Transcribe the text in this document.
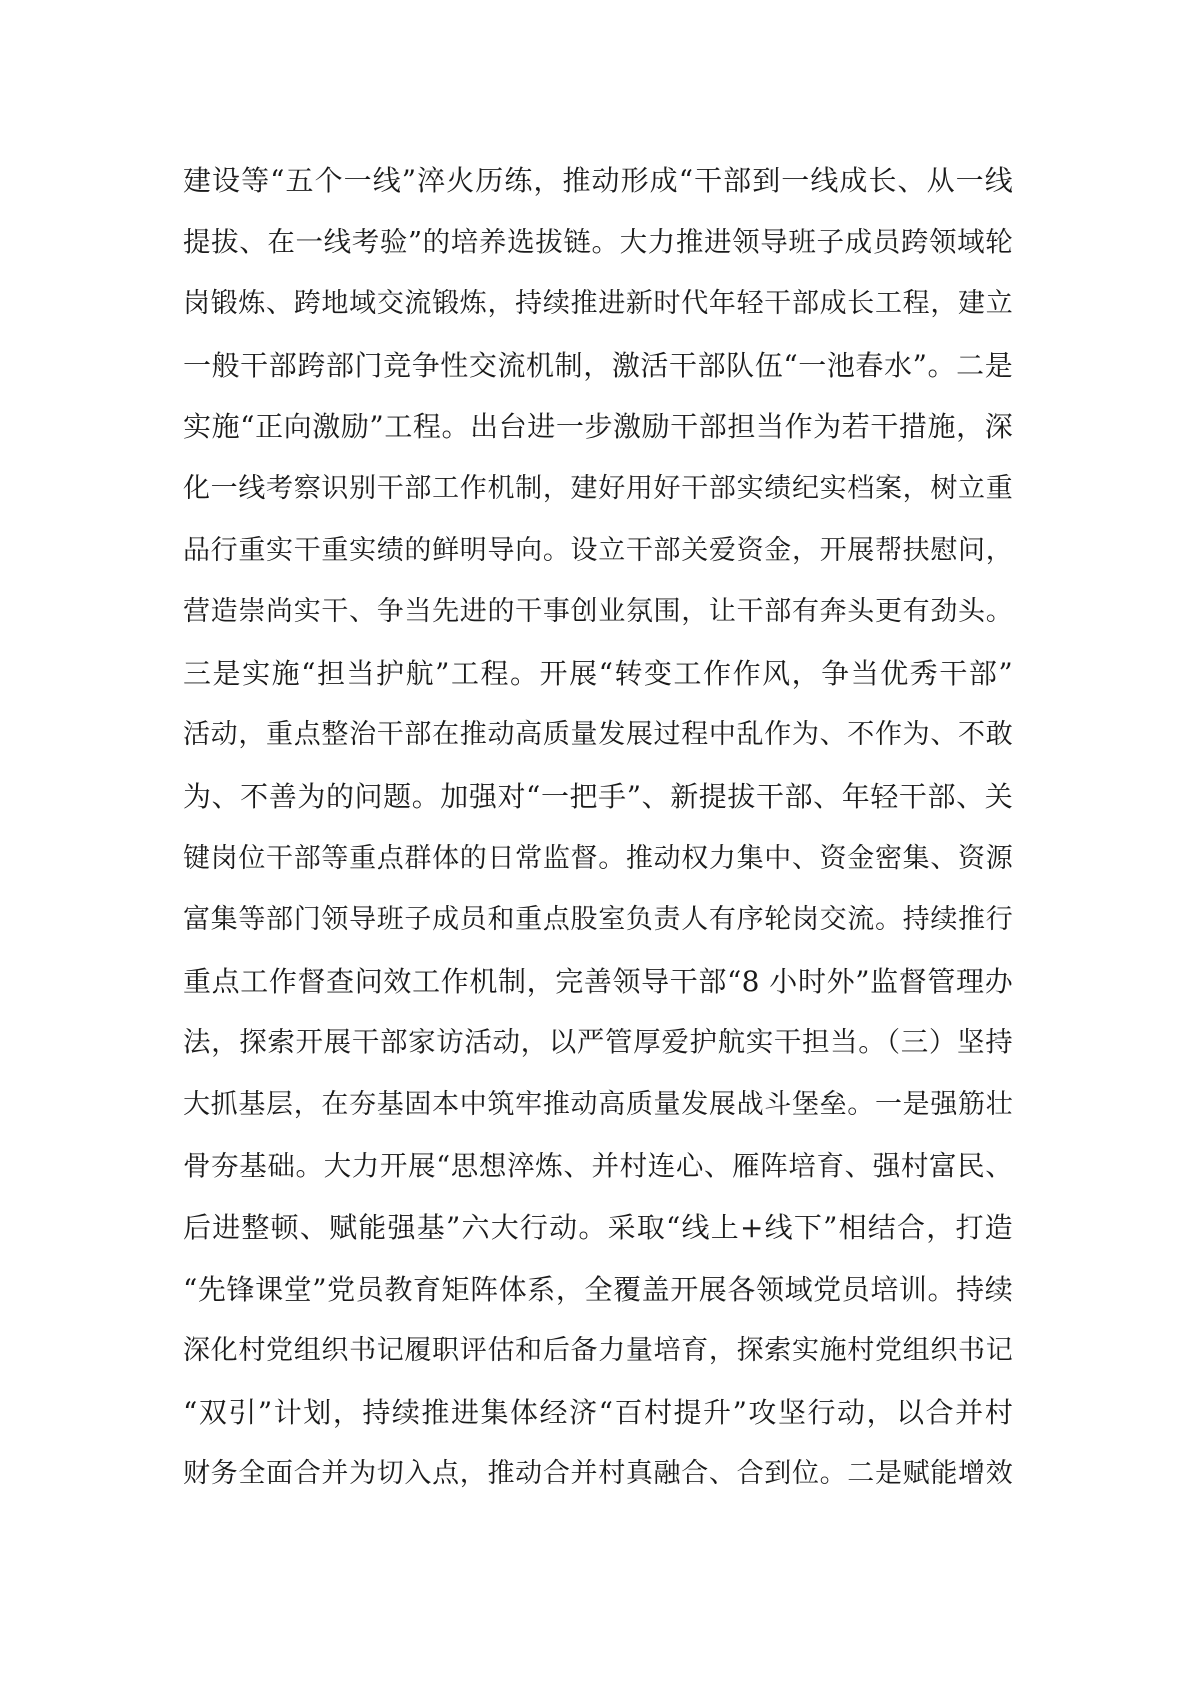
建设等“五个一线”淬火历练，推动形成“干部到一线成长、从一线
提拔、在一线考验”的培养选拔链。大力推进领导班子成员跨领域轮
岗锻炼、跨地域交流锻炼，持续推进新时代年轻干部成长工程，建立
一般干部跨部门竞争性交流机制，激活干部队伍“一池春水”。二是
实施“正向激励”工程。出台进一步激励干部担当作为若干措施，深
化一线考察识别干部工作机制，建好用好干部实绩纪实档案，树立重
品行重实干重实绩的鲜明导向。设立干部关爱资金，开展帮扶慰问，
营造崇尚实干、争当先进的干事创业氛围，让干部有奔头更有劲头。
三是实施“担当护航”工程。开展“转变工作作风，争当优秀干部”
活动，重点整治干部在推动高质量发展过程中乱作为、不作为、不敢
为、不善为的问题。加强对“一把手”、新提拔干部、年轻干部、关
键岗位干部等重点群体的日常监督。推动权力集中、资金密集、资源
富集等部门领导班子成员和重点股室负责人有序轮岗交流。持续推行
重点工作督查问效工作机制，完善领导干部“8 小时外”监督管理办
法，探索开展干部家访活动，以严管厚爱护航实干担当。（三）坚持
大抓基层，在夯基固本中筑牢推动高质量发展战斗堡垒。一是强筋壮
骨夯基础。大力开展“思想淬炼、并村连心、雁阵培育、强村富民、
后进整顿、赋能强基”六大行动。采取“线上+线下”相结合，打造
“先锋课堂”党员教育矩阵体系，全覆盖开展各领域党员培训。持续
深化村党组织书记履职评估和后备力量培育，探索实施村党组织书记
“双引”计划，持续推进集体经济“百村提升”攻坚行动，以合并村
财务全面合并为切入点，推动合并村真融合、合到位。二是赋能增效
